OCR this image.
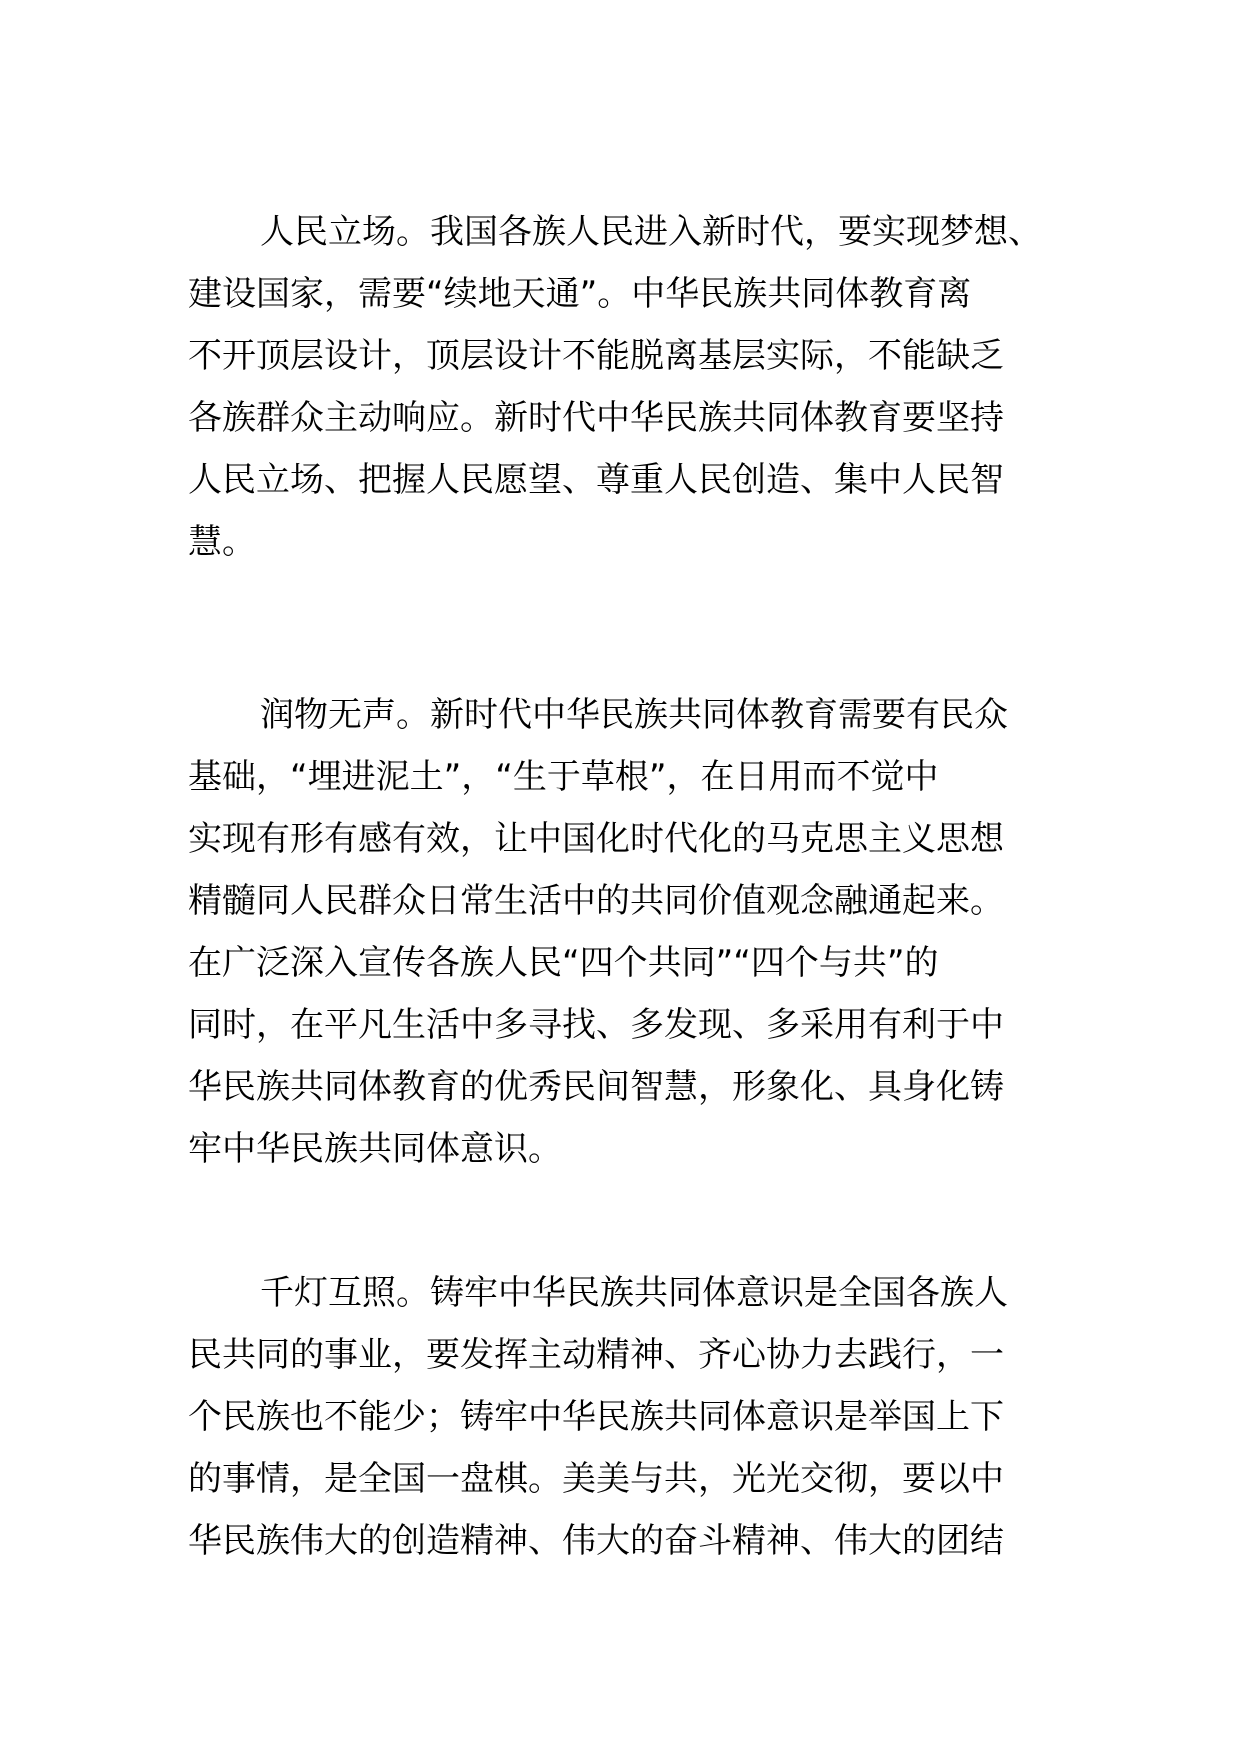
人民立场。我国各族人民进入新时代，要实现梦想、
建设国家，需要“续地天通”。中华民族共同体教育离
不开顶层设计，顶层设计不能脱离基层实际，不能缺乏
各族群众主动响应。新时代中华民族共同体教育要坚持
人民立场、把握人民愿望、尊重人民创造、集中人民智
慧。
润物无声。新时代中华民族共同体教育需要有民众
基础，“埋进泥土”，“生于草根”，在日用而不觉中
实现有形有感有效，让中国化时代化的马克思主义思想
精髓同人民群众日常生活中的共同价值观念融通起来。
在广泛深入宣传各族人民“四个共同”“四个与共”的
同时，在平凡生活中多寻找、多发现、多采用有利于中
华民族共同体教育的优秀民间智慧，形象化、具身化铸
牢中华民族共同体意识。
千灯互照。铸牢中华民族共同体意识是全国各族人
民共同的事业，要发挥主动精神、齐心协力去践行，一
个民族也不能少；铸牢中华民族共同体意识是举国上下
的事情，是全国一盘棋。美美与共，光光交彻，要以中
华民族伟大的创造精神、伟大的奋斗精神、伟大的团结
